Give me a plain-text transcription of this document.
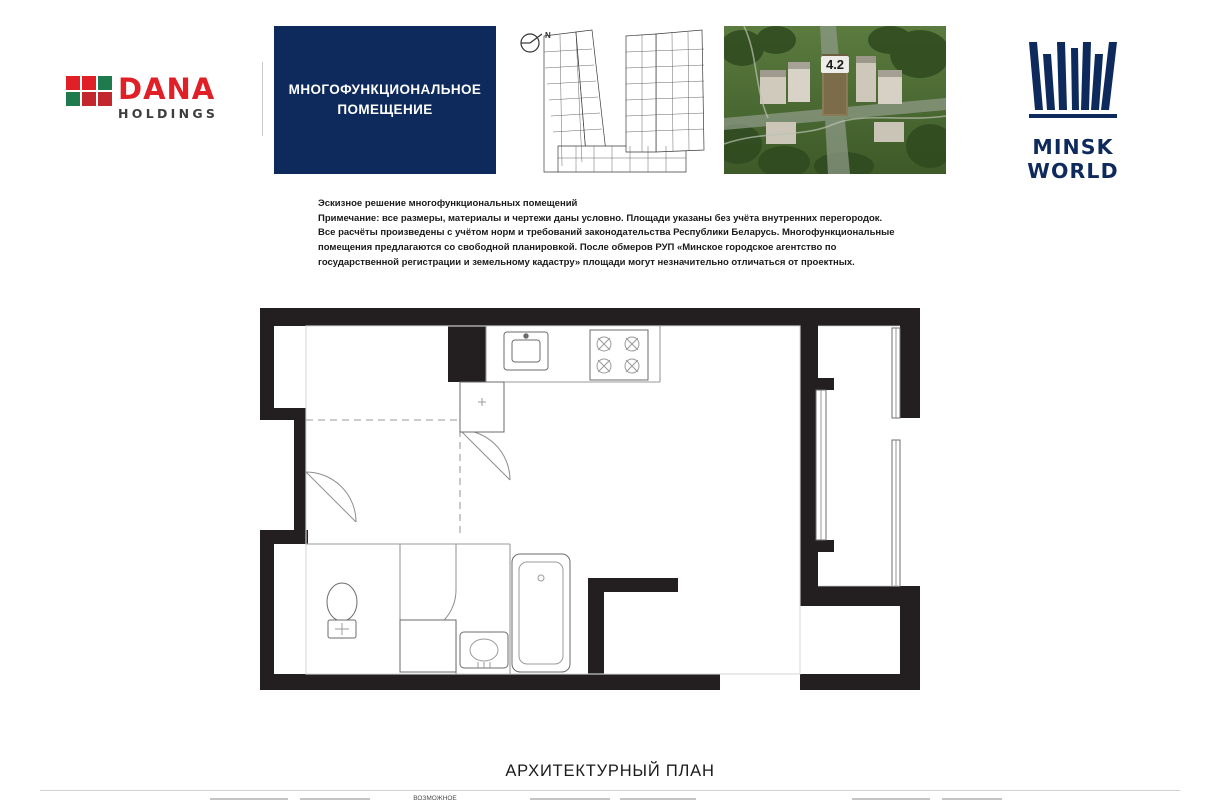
DANA
HOLDINGS
МНОГОФУНКЦИОНАЛЬНОЕ
ПОМЕЩЕНИЕ
N
4.2
MINSK WORLD
Эскизное решение многофункциональных помещений
Примечание: все размеры, материалы и чертежи даны условно. Площади указаны без учёта внутренних перегородок.
Все расчёты произведены с учётом норм и требований законодательства Республики Беларусь. Многофункциональные
помещения предлагаются со свободной планировкой. После обмеров РУП «Минское городское агентство по
государственной регистрации и земельному кадастру» площади могут незначительно отличаться от проектных.
АРХИТЕКТУРНЫЙ ПЛАН
ВОЗМОЖНОЕ
